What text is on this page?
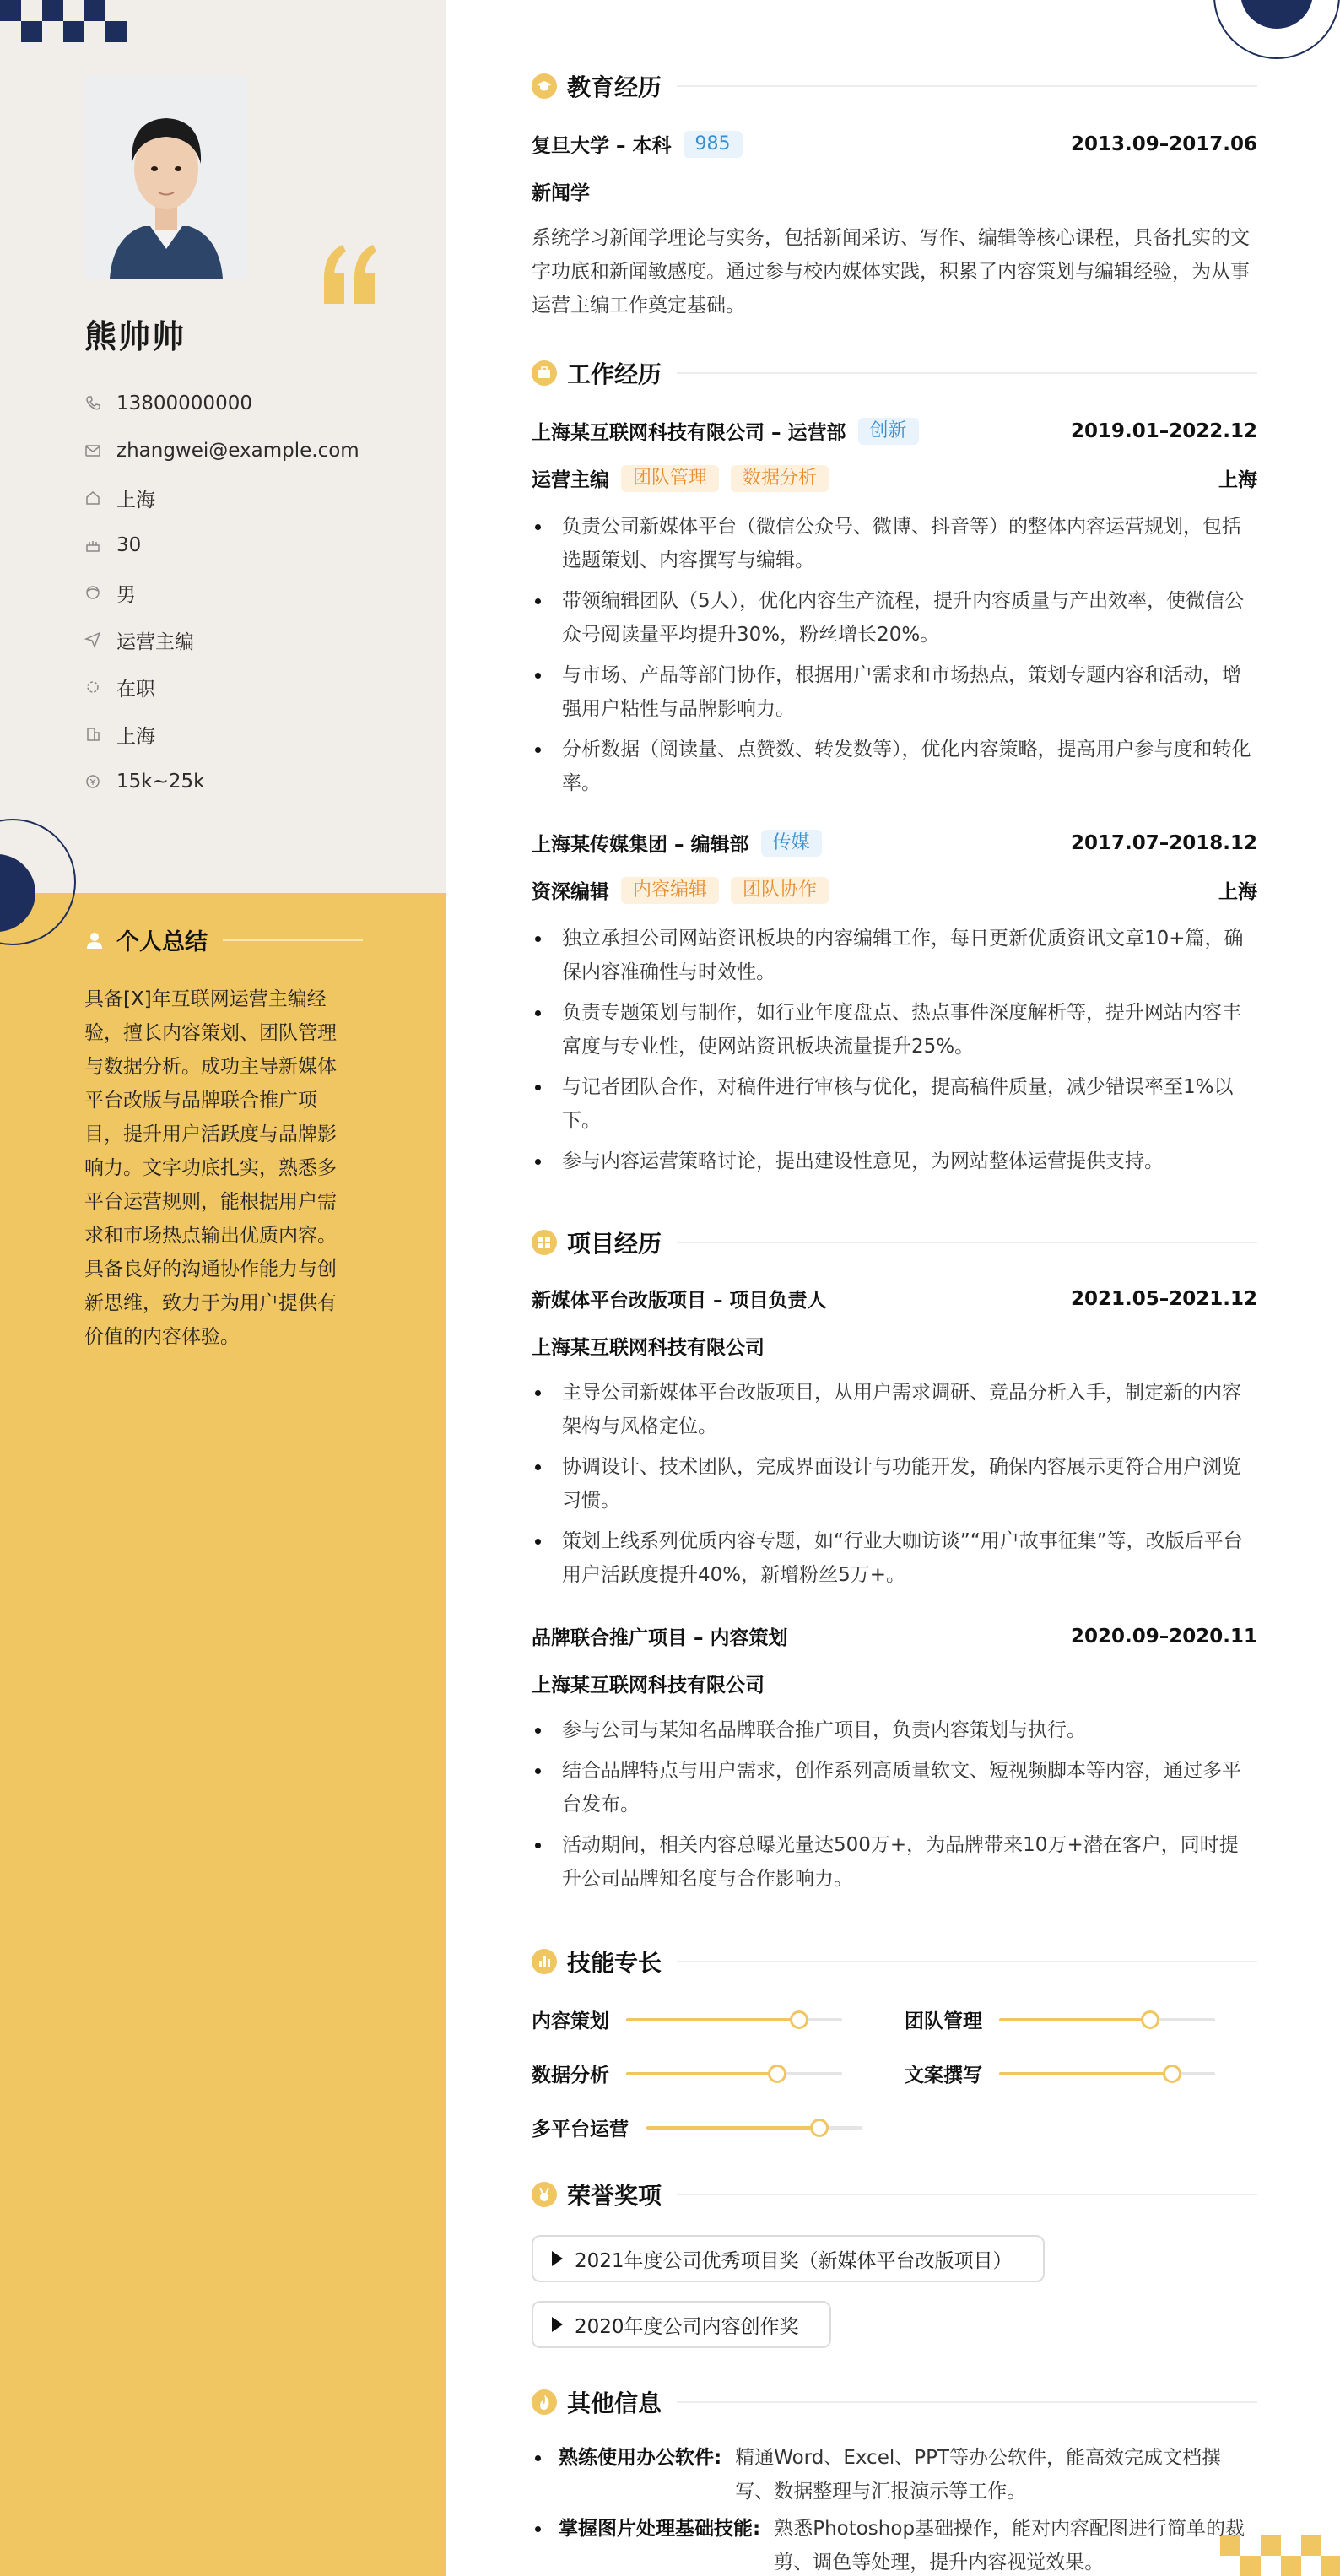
熊帅帅
13800000000
zhangwei@example.com
上海
30
男
运营主编
在职
上海
15k~25k
个人总结
具备[X]年互联网运营主编经验，擅长内容策划、团队管理与数据分析。成功主导新媒体平台改版与品牌联合推广项目，提升用户活跃度与品牌影响力。文字功底扎实，熟悉多平台运营规则，能根据用户需求和市场热点输出优质内容。具备良好的沟通协作能力与创新思维，致力于为用户提供有价值的内容体验。
教育经历
复旦大学 – 本科	985	2013.09–2017.06
新闻学
系统学习新闻学理论与实务，包括新闻采访、写作、编辑等核心课程，具备扎实的文字功底和新闻敏感度。通过参与校内媒体实践，积累了内容策划与编辑经验，为从事运营主编工作奠定基础。
工作经历
上海某互联网科技有限公司 – 运营部	创新	2019.01–2022.12
运营主编	团队管理	数据分析	上海
负责公司新媒体平台（微信公众号、微博、抖音等）的整体内容运营规划，包括选题策划、内容撰写与编辑。
带领编辑团队（5人），优化内容生产流程，提升内容质量与产出效率，使微信公众号阅读量平均提升30%，粉丝增长20%。
与市场、产品等部门协作，根据用户需求和市场热点，策划专题内容和活动，增强用户粘性与品牌影响力。
分析数据（阅读量、点赞数、转发数等），优化内容策略，提高用户参与度和转化率。
上海某传媒集团 – 编辑部	传媒	2017.07–2018.12
资深编辑	内容编辑	团队协作	上海
独立承担公司网站资讯板块的内容编辑工作，每日更新优质资讯文章10+篇，确保内容准确性与时效性。
负责专题策划与制作，如行业年度盘点、热点事件深度解析等，提升网站内容丰富度与专业性，使网站资讯板块流量提升25%。
与记者团队合作，对稿件进行审核与优化，提高稿件质量，减少错误率至1%以下。
参与内容运营策略讨论，提出建设性意见，为网站整体运营提供支持。
项目经历
新媒体平台改版项目 – 项目负责人	2021.05–2021.12
上海某互联网科技有限公司
主导公司新媒体平台改版项目，从用户需求调研、竞品分析入手，制定新的内容架构与风格定位。
协调设计、技术团队，完成界面设计与功能开发，确保内容展示更符合用户浏览习惯。
策划上线系列优质内容专题，如“行业大咖访谈”“用户故事征集”等，改版后平台用户活跃度提升40%，新增粉丝5万+。
品牌联合推广项目 – 内容策划	2020.09–2020.11
上海某互联网科技有限公司
参与公司与某知名品牌联合推广项目，负责内容策划与执行。
结合品牌特点与用户需求，创作系列高质量软文、短视频脚本等内容，通过多平台发布。
活动期间，相关内容总曝光量达500万+，为品牌带来10万+潜在客户，同时提升公司品牌知名度与合作影响力。
技能专长
内容策划	团队管理
数据分析	文案撰写
多平台运营
荣誉奖项
2021年度公司优秀项目奖（新媒体平台改版项目）
2020年度公司内容创作奖
其他信息
熟练使用办公软件: 精通Word、Excel、PPT等办公软件，能高效完成文档撰写、数据整理与汇报演示等工作。
掌握图片处理基础技能: 熟悉Photoshop基础操作，能对内容配图进行简单的裁剪、调色等处理，提升内容视觉效果。
